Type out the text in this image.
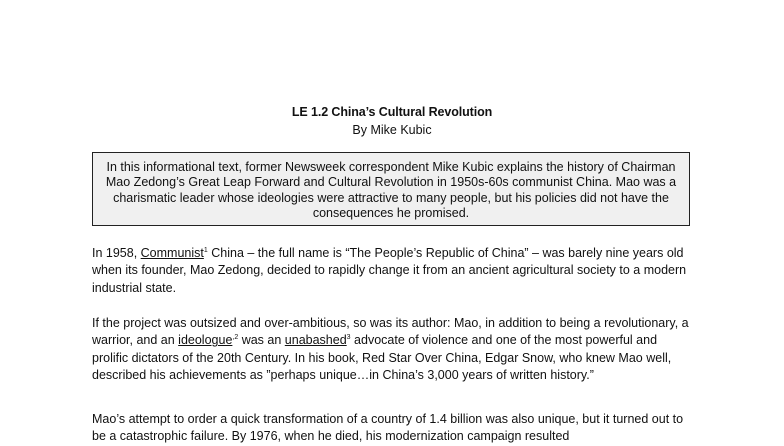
LE 1.2 China’s Cultural Revolution
By Mike Kubic
In this informational text, former Newsweek correspondent Mike Kubic explains the history of Chairman Mao Zedong’s Great Leap Forward and Cultural Revolution in 1950s-60s communist China. Mao was a charismatic leader whose ideologies were attractive to many people, but his policies did not have the consequences he promised.
In 1958, Communist$^1$ China – the full name is “The People’s Republic of China” – was barely nine years old when its founder, Mao Zedong, decided to rapidly change it from an ancient agricultural society to a modern industrial state.
If the project was outsized and over-ambitious, so was its author: Mao, in addition to being a revolutionary, a warrior, and an ideologue$^{,2}$ was an unabashed$^3$ advocate of violence and one of the most powerful and prolific dictators of the 20th Century. In his book, Red Star Over China, Edgar Snow, who knew Mao well, described his achievements as ”perhaps unique…in China’s 3,000 years of written history.”
Mao’s attempt to order a quick transformation of a country of 1.4 billion was also unique, but it turned out to be a catastrophic failure. By 1976, when he died, his modernization campaign resulted
